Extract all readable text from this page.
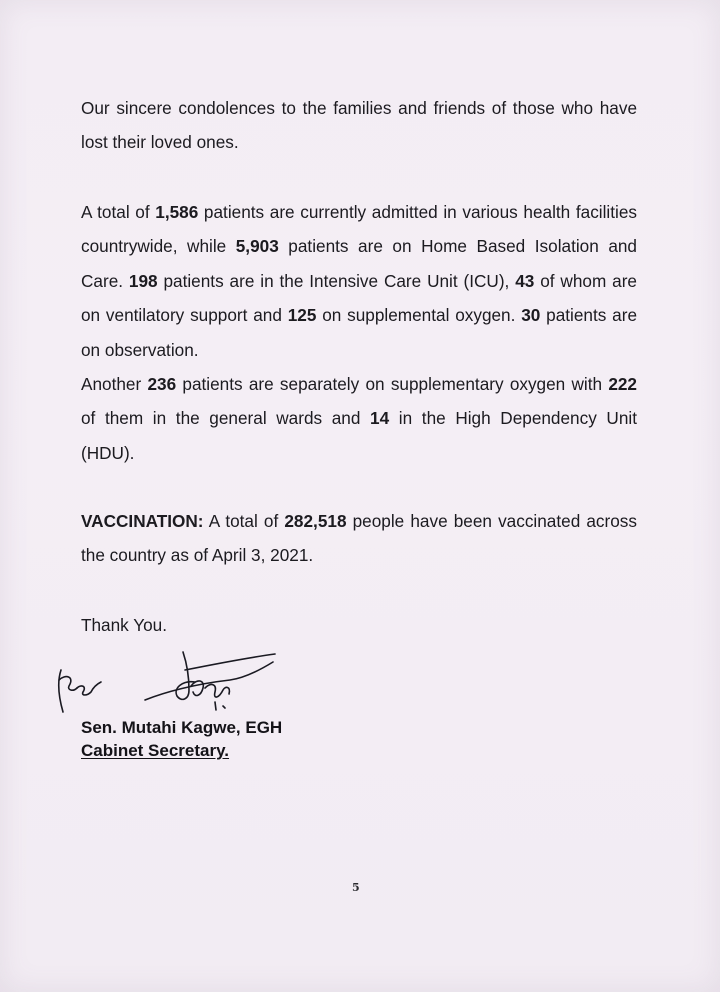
Our sincere condolences to the families and friends of those who have lost their loved ones.
A total of 1,586 patients are currently admitted in various health facilities countrywide, while 5,903 patients are on Home Based Isolation and Care. 198 patients are in the Intensive Care Unit (ICU), 43 of whom are on ventilatory support and 125 on supplemental oxygen. 30 patients are on observation.
Another 236 patients are separately on supplementary oxygen with 222 of them in the general wards and 14 in the High Dependency Unit (HDU).
VACCINATION: A total of 282,518 people have been vaccinated across the country as of April 3, 2021.
Thank You.
Sen. Mutahi Kagwe, EGH
Cabinet Secretary.
5
